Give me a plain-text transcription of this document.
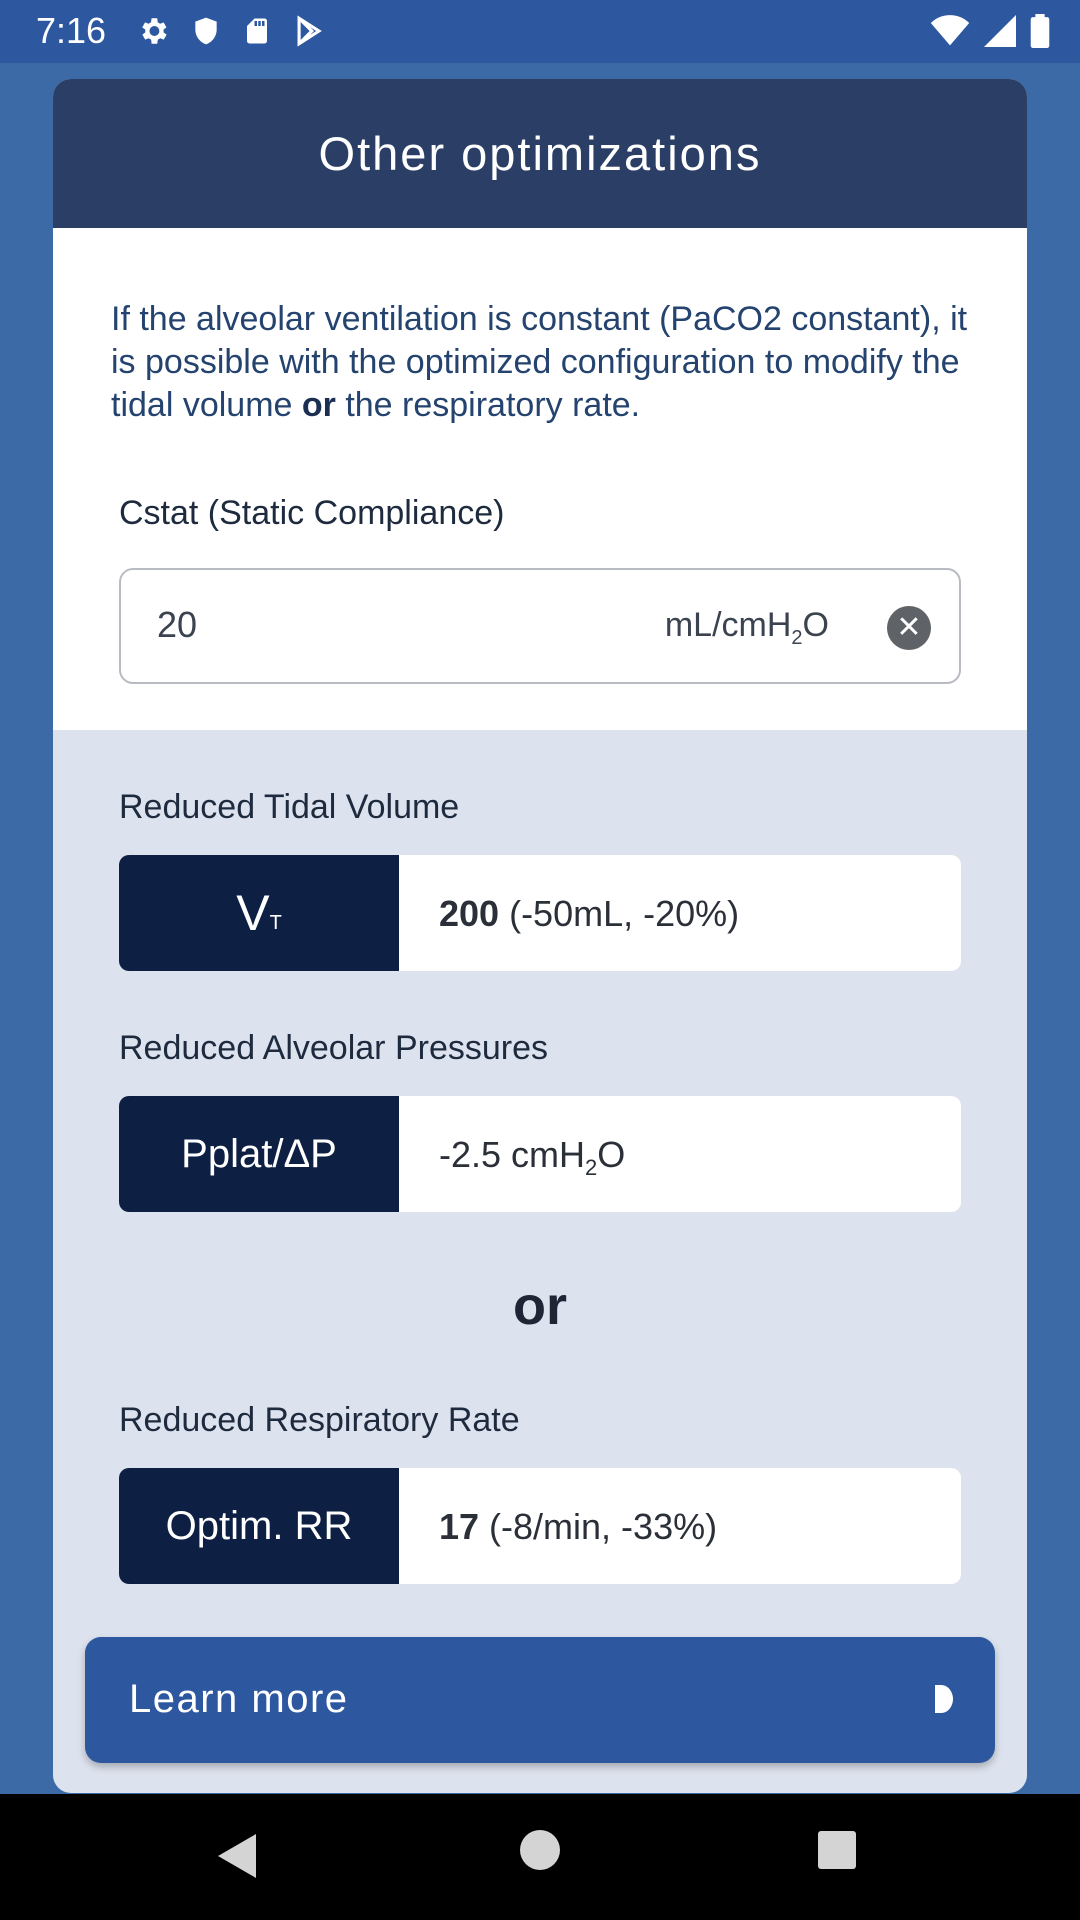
7:16
Other optimizations

If the alveolar ventilation is constant (PaCO2 constant), it is possible with the optimized configuration to modify the tidal volume or the respiratory rate.

Cstat (Static Compliance)
20
mL/cmH$_2$O	✕
Reduced Tidal Volume
$V_T$	200 (-50mL, -20%)
Reduced Alveolar Pressures
Pplat/ΔP	-2.5 cmH$_2$O
or
Reduced Respiratory Rate
Optim. RR	17 (-8/min, -33%)
Learn more
